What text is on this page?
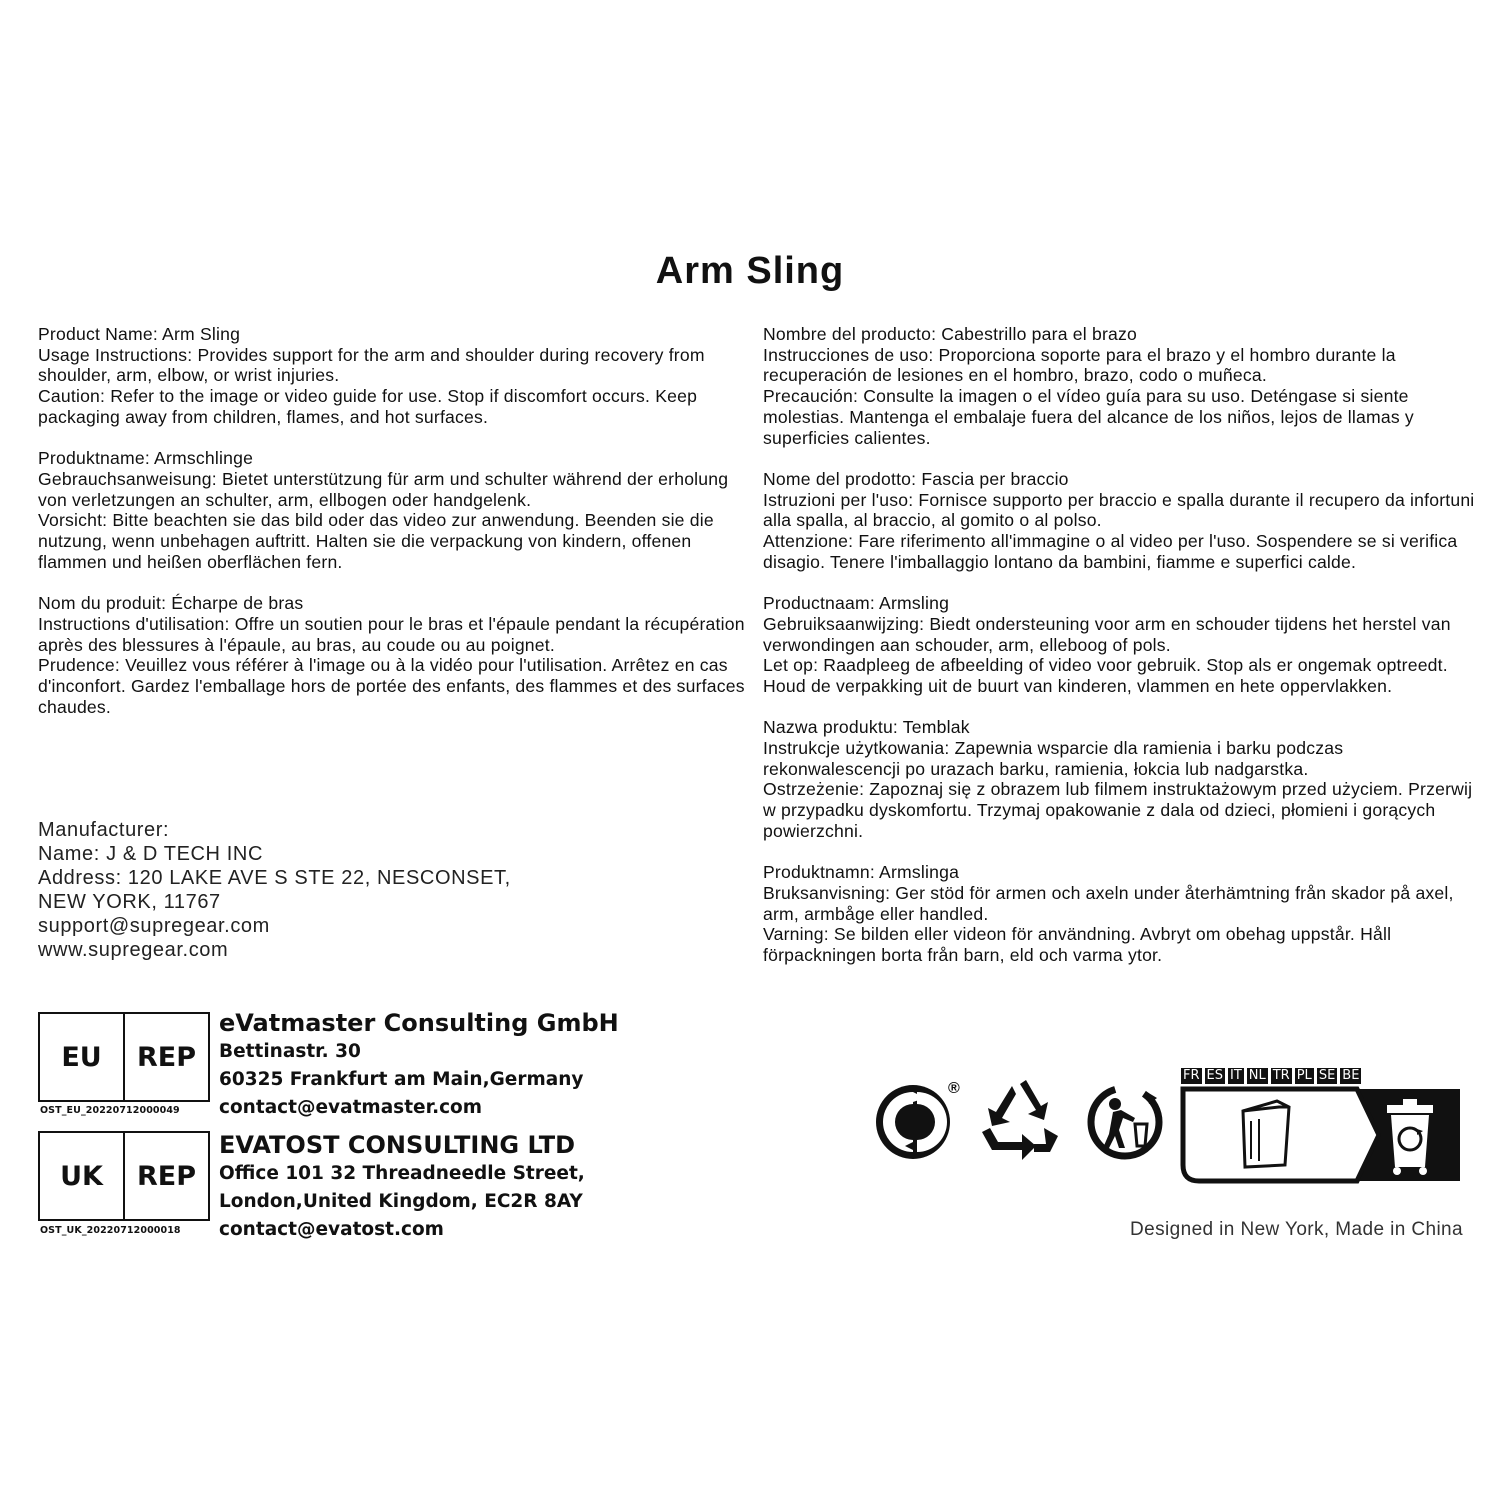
Arm Sling
Product Name: Arm Sling
Usage Instructions: Provides support for the arm and shoulder during recovery from shoulder, arm, elbow, or wrist injuries.
Caution: Refer to the image or video guide for use. Stop if discomfort occurs. Keep packaging away from children, flames, and hot surfaces.
Produktname: Armschlinge
Gebrauchsanweisung: Bietet unterstützung für arm und schulter während der erholung von verletzungen an schulter, arm, ellbogen oder handgelenk.
Vorsicht: Bitte beachten sie das bild oder das video zur anwendung. Beenden sie die nutzung, wenn unbehagen auftritt. Halten sie die verpackung von kindern, offenen flammen und heißen oberflächen fern.
Nom du produit: Écharpe de bras
Instructions d'utilisation: Offre un soutien pour le bras et l'épaule pendant la récupération après des blessures à l'épaule, au bras, au coude ou au poignet.
Prudence: Veuillez vous référer à l'image ou à la vidéo pour l'utilisation. Arrêtez en cas d'inconfort. Gardez l'emballage hors de portée des enfants, des flammes et des surfaces chaudes.
Nombre del producto: Cabestrillo para el brazo
Instrucciones de uso: Proporciona soporte para el brazo y el hombro durante la recuperación de lesiones en el hombro, brazo, codo o muñeca.
Precaución: Consulte la imagen o el vídeo guía para su uso. Deténgase si siente molestias. Mantenga el embalaje fuera del alcance de los niños, lejos de llamas y superficies calientes.
Nome del prodotto: Fascia per braccio
Istruzioni per l'uso: Fornisce supporto per braccio e spalla durante il recupero da infortuni alla spalla, al braccio, al gomito o al polso.
Attenzione: Fare riferimento all'immagine o al video per l'uso. Sospendere se si verifica disagio. Tenere l'imballaggio lontano da bambini, fiamme e superfici calde.
Productnaam: Armsling
Gebruiksaanwijzing: Biedt ondersteuning voor arm en schouder tijdens het herstel van verwondingen aan schouder, arm, elleboog of pols.
Let op: Raadpleeg de afbeelding of video voor gebruik. Stop als er ongemak optreedt. Houd de verpakking uit de buurt van kinderen, vlammen en hete oppervlakken.
Nazwa produktu: Temblak
Instrukcje użytkowania: Zapewnia wsparcie dla ramienia i barku podczas rekonwalescencji po urazach barku, ramienia, łokcia lub nadgarstka.
Ostrzeżenie: Zapoznaj się z obrazem lub filmem instruktażowym przed użyciem. Przerwij w przypadku dyskomfortu. Trzymaj opakowanie z dala od dzieci, płomieni i gorących powierzchni.
Produktnamn: Armslinga
Bruksanvisning: Ger stöd för armen och axeln under återhämtning från skador på axel, arm, armbåge eller handled.
Varning: Se bilden eller videon för användning. Avbryt om obehag uppstår. Håll förpackningen borta från barn, eld och varma ytor.
Manufacturer:
Name: J & D TECH INC
Address: 120 LAKE AVE S STE 22, NESCONSET,
NEW YORK, 11767
support@supregear.com
www.supregear.com
EU	REP
OST_EU_20220712000049
eVatmaster Consulting GmbH
Bettinastr. 30
60325 Frankfurt am Main,Germany
contact@evatmaster.com
UK	REP
OST_UK_20220712000018
EVATOST CONSULTING LTD
Office 101 32 Threadneedle Street,
London,United Kingdom, EC2R 8AY
contact@evatost.com
®
FR ES IT NL TR PL SE BE
Designed in New York, Made in China
